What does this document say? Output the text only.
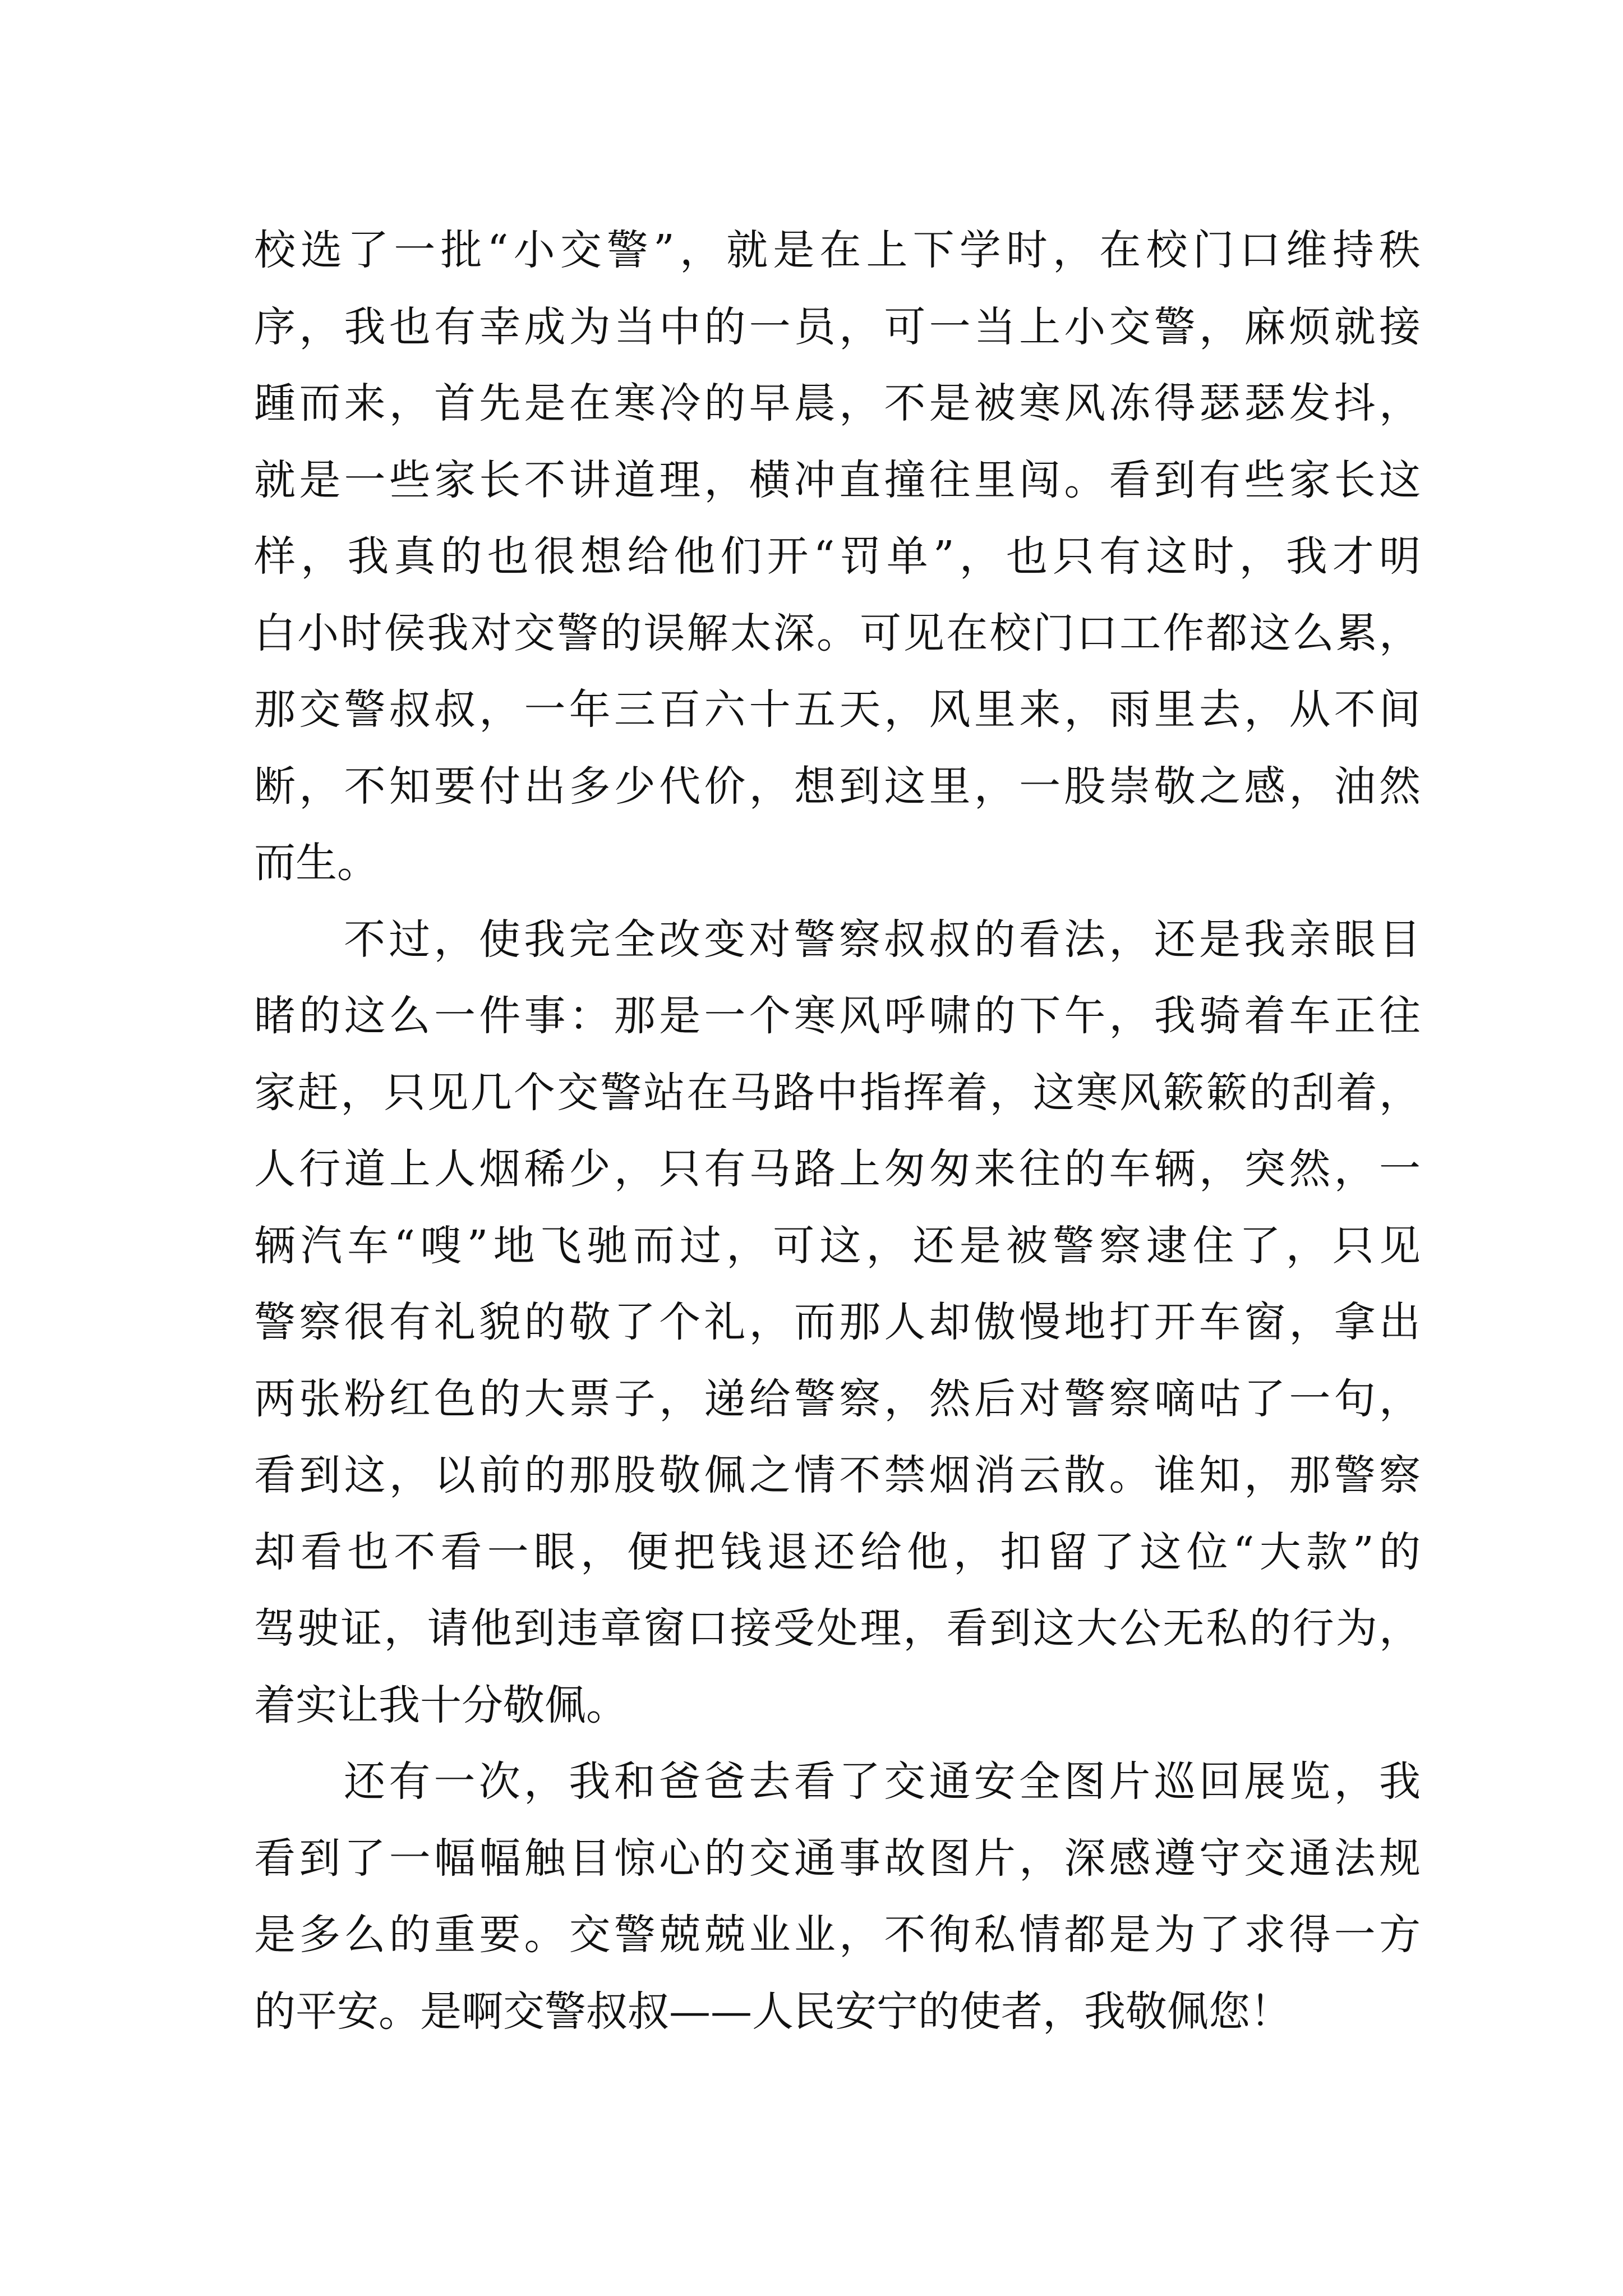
校选了一批“小交警”，就是在上下学时，在校门口维持秩
序，我也有幸成为当中的一员，可一当上小交警，麻烦就接
踵而来，首先是在寒冷的早晨，不是被寒风冻得瑟瑟发抖，
就是一些家长不讲道理，横冲直撞往里闯。看到有些家长这
样，我真的也很想给他们开“罚单”，也只有这时，我才明
白小时侯我对交警的误解太深。可见在校门口工作都这么累，
那交警叔叔，一年三百六十五天，风里来，雨里去，从不间
断，不知要付出多少代价，想到这里，一股崇敬之感，油然
而生。
不过，使我完全改变对警察叔叔的看法，还是我亲眼目
睹的这么一件事：那是一个寒风呼啸的下午，我骑着车正往
家赶，只见几个交警站在马路中指挥着，这寒风簌簌的刮着，
人行道上人烟稀少，只有马路上匆匆来往的车辆，突然，一
辆汽车“嗖”地飞驰而过，可这，还是被警察逮住了，只见
警察很有礼貌的敬了个礼，而那人却傲慢地打开车窗，拿出
两张粉红色的大票子，递给警察，然后对警察嘀咕了一句，
看到这，以前的那股敬佩之情不禁烟消云散。谁知，那警察
却看也不看一眼，便把钱退还给他，扣留了这位“大款”的
驾驶证，请他到违章窗口接受处理，看到这大公无私的行为，
着实让我十分敬佩。
还有一次，我和爸爸去看了交通安全图片巡回展览，我
看到了一幅幅触目惊心的交通事故图片，深感遵守交通法规
是多么的重要。交警兢兢业业，不徇私情都是为了求得一方
的平安。是啊交警叔叔——人民安宁的使者，我敬佩您！
